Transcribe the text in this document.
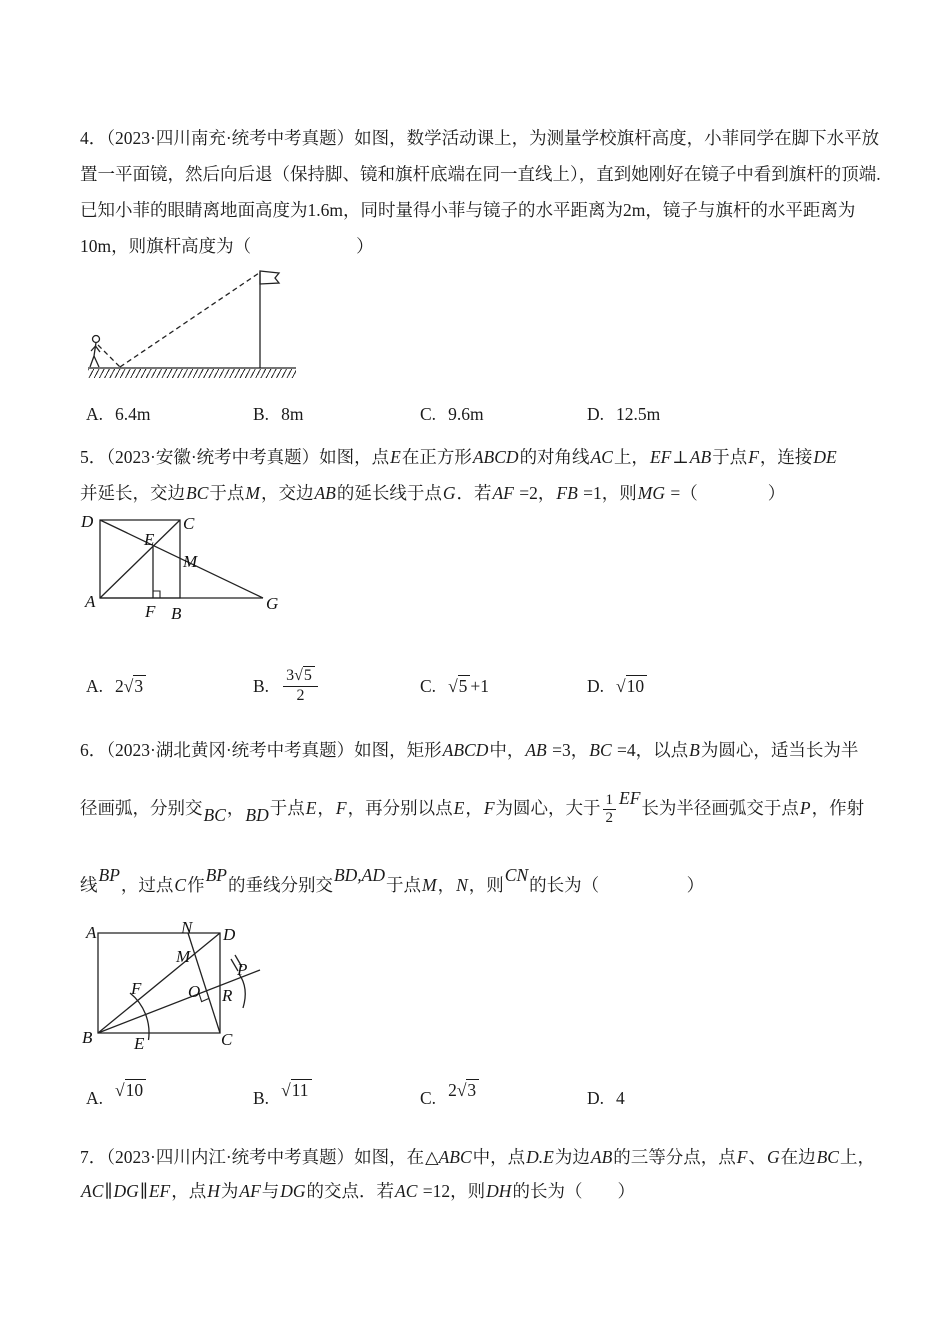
4．（2023·四川南充·统考中考真题）如图，数学活动课上，为测量学校旗杆高度，小菲同学在脚下水平放
置一平面镜，然后向后退（保持脚、镜和旗杆底端在同一直线上），直到她刚好在镜子中看到旗杆的顶端.
已知小菲的眼睛离地面高度为1.6m，同时量得小菲与镜子的水平距离为2m，镜子与旗杆的水平距离为
10m，则旗杆高度为（　　　　　　）
A. 6.4m	B. 8m	C. 9.6m	D. 12.5m
5．（2023·安徽·统考中考真题）如图，点E在正方形ABCD的对角线AC上，EF⊥AB于点F，连接DE
并延长，交边BC于点M，交边AB的延长线于点G．若AF =2，FB =1，则MG =（　　　　）
D	C
E
M
A
F B
G
A. 2√3	B. $\frac{3√5}{2}$	C. √5 +1	D. √10
6．（2023·湖北黄冈·统考中考真题）如图，矩形ABCD中，AB =3，BC =4，以点B为圆心，适当长为半
径画弧，分别交BC，BD于点E，F，再分别以点E，F为圆心，大于 $\frac{1}{2}$ EF长为半径画弧交于点P，作射
线BP，过点C作BP的垂线分别交BD,AD于点M，N，则CN的长为（　　　　　）
A	N D
M
F	O R
P
B E	C
A. √10	B. √11	C. 2√3	D. 4
7．（2023·四川内江·统考中考真题）如图，在△ABC中，点D.E为边AB的三等分点，点F、G在边BC上，
AC∥DG∥EF，点H为AF与DG的交点．若AC =12，则DH的长为（　　）
